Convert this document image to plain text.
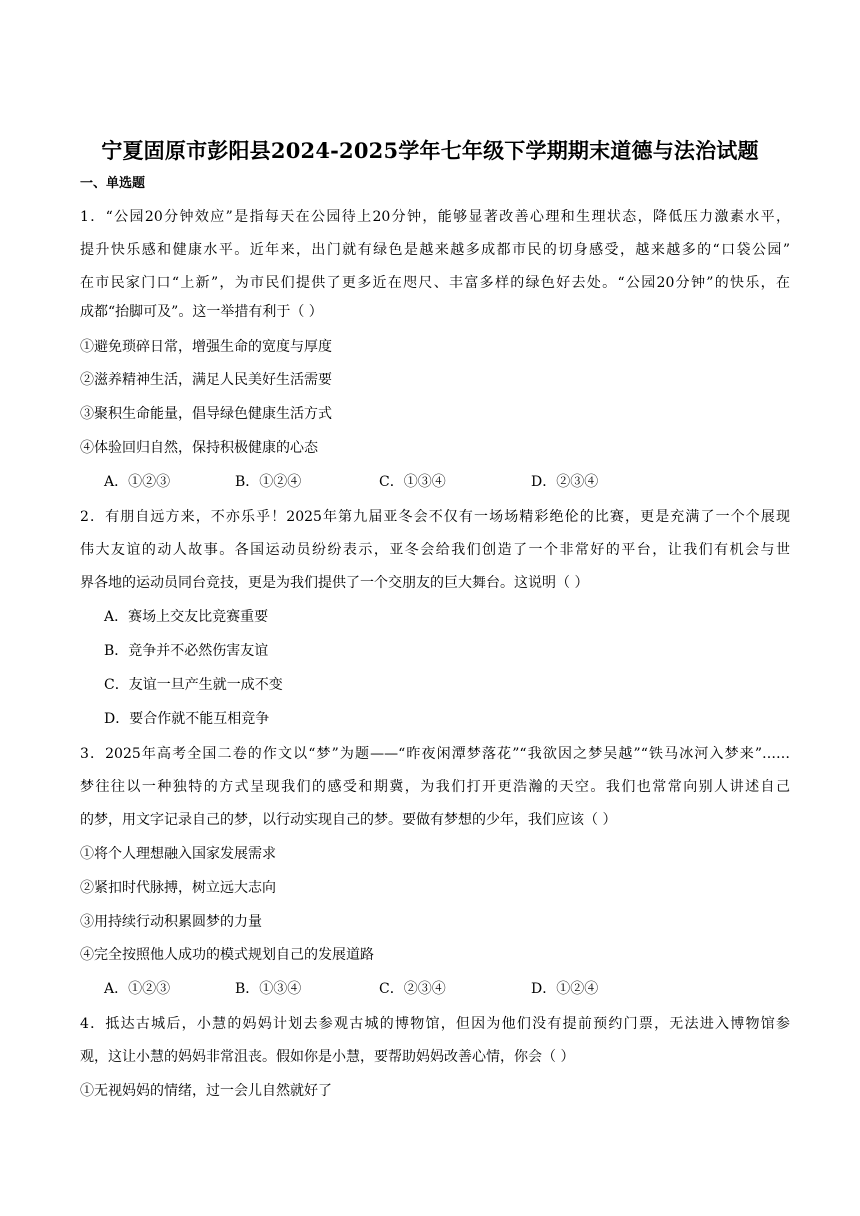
宁夏固原市彭阳县2024-2025学年七年级下学期期末道德与法治试题
一、单选题
1．“公园20分钟效应”是指每天在公园待上20分钟，能够显著改善心理和生理状态，降低压力激素水平，
提升快乐感和健康水平。近年来，出门就有绿色是越来越多成都市民的切身感受，越来越多的“口袋公园”
在市民家门口“上新”，为市民们提供了更多近在咫尺、丰富多样的绿色好去处。“公园20分钟”的快乐，在
成都“抬脚可及”。这一举措有利于（ ）
①避免琐碎日常，增强生命的宽度与厚度
②滋养精神生活，满足人民美好生活需要
③聚积生命能量，倡导绿色健康生活方式
④体验回归自然，保持积极健康的心态
A．①②③	B．①②④	C．①③④	D．②③④
2．有朋自远方来，不亦乐乎！2025年第九届亚冬会不仅有一场场精彩绝伦的比赛，更是充满了一个个展现
伟大友谊的动人故事。各国运动员纷纷表示，亚冬会给我们创造了一个非常好的平台，让我们有机会与世
界各地的运动员同台竞技，更是为我们提供了一个交朋友的巨大舞台。这说明（ ）
A．赛场上交友比竞赛重要
B．竞争并不必然伤害友谊
C．友谊一旦产生就一成不变
D．要合作就不能互相竞争
3．2025年高考全国二卷的作文以“梦”为题——“昨夜闲潭梦落花”“我欲因之梦吴越”“铁马冰河入梦来”……
梦往往以一种独特的方式呈现我们的感受和期冀，为我们打开更浩瀚的天空。我们也常常向别人讲述自己
的梦，用文字记录自己的梦，以行动实现自己的梦。要做有梦想的少年，我们应该（ ）
①将个人理想融入国家发展需求
②紧扣时代脉搏，树立远大志向
③用持续行动积累圆梦的力量
④完全按照他人成功的模式规划自己的发展道路
A．①②③	B．①③④	C．②③④	D．①②④
4．抵达古城后，小慧的妈妈计划去参观古城的博物馆，但因为他们没有提前预约门票，无法进入博物馆参
观，这让小慧的妈妈非常沮丧。假如你是小慧，要帮助妈妈改善心情，你会（ ）
①无视妈妈的情绪，过一会儿自然就好了
